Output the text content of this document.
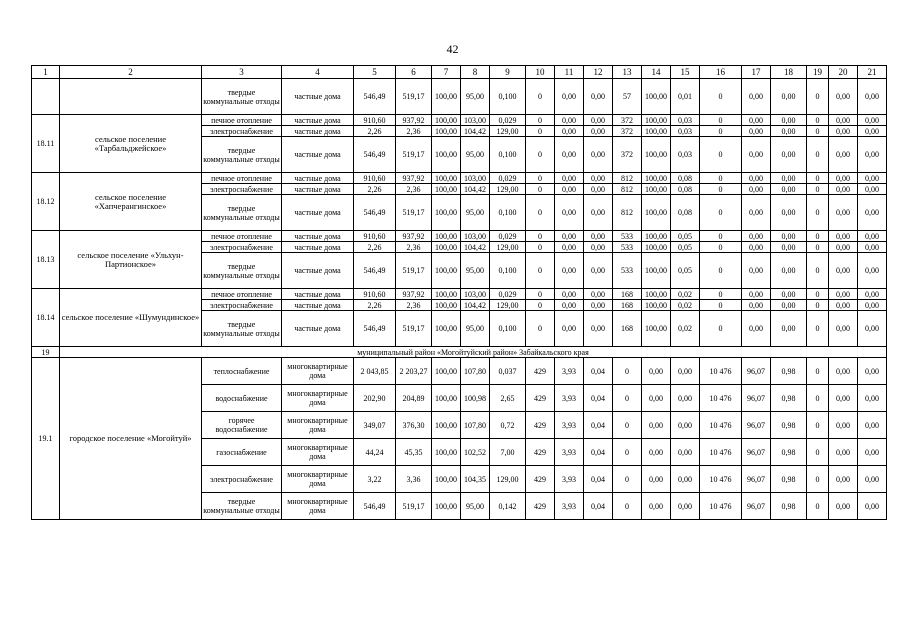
42
1	2	3	4	5	6	7	8	9	10	11	12	13	14	15	16	17	18	19	20	21
		твердые коммунальные отходы	частные дома	546,49	519,17	100,00	95,00	0,100	0	0,00	0,00	57	100,00	0,01	0	0,00	0,00	0	0,00	0,00
18.11	сельское поселение «Тарбальджейское»	печное отопление	частные дома	910,60	937,92	100,00	103,00	0,029	0	0,00	0,00	372	100,00	0,03	0	0,00	0,00	0	0,00	0,00
		электроснабжение	частные дома	2,26	2,36	100,00	104,42	129,00	0	0,00	0,00	372	100,00	0,03	0	0,00	0,00	0	0,00	0,00
		твердые коммунальные отходы	частные дома	546,49	519,17	100,00	95,00	0,100	0	0,00	0,00	372	100,00	0,03	0	0,00	0,00	0	0,00	0,00
18.12	сельское поселение «Хапчерангинское»	печное отопление	частные дома	910,60	937,92	100,00	103,00	0,029	0	0,00	0,00	812	100,00	0,08	0	0,00	0,00	0	0,00	0,00
		электроснабжение	частные дома	2,26	2,36	100,00	104,42	129,00	0	0,00	0,00	812	100,00	0,08	0	0,00	0,00	0	0,00	0,00
		твердые коммунальные отходы	частные дома	546,49	519,17	100,00	95,00	0,100	0	0,00	0,00	812	100,00	0,08	0	0,00	0,00	0	0,00	0,00
18.13	сельское поселение «Ульхун-Партионское»	печное отопление	частные дома	910,60	937,92	100,00	103,00	0,029	0	0,00	0,00	533	100,00	0,05	0	0,00	0,00	0	0,00	0,00
		электроснабжение	частные дома	2,26	2,36	100,00	104,42	129,00	0	0,00	0,00	533	100,00	0,05	0	0,00	0,00	0	0,00	0,00
		твердые коммунальные отходы	частные дома	546,49	519,17	100,00	95,00	0,100	0	0,00	0,00	533	100,00	0,05	0	0,00	0,00	0	0,00	0,00
18.14	сельское поселение «Шумундинское»	печное отопление	частные дома	910,60	937,92	100,00	103,00	0,029	0	0,00	0,00	168	100,00	0,02	0	0,00	0,00	0	0,00	0,00
		электроснабжение	частные дома	2,26	2,36	100,00	104,42	129,00	0	0,00	0,00	168	100,00	0,02	0	0,00	0,00	0	0,00	0,00
		твердые коммунальные отходы	частные дома	546,49	519,17	100,00	95,00	0,100	0	0,00	0,00	168	100,00	0,02	0	0,00	0,00	0	0,00	0,00
19	муниципальный район «Могойтуйский район» Забайкальского края																			
19.1	городское поселение «Могойтуй»	теплоснабжение	многоквартирные дома	2 043,85	2 203,27	100,00	107,80	0,037	429	3,93	0,04	0	0,00	0,00	10 476	96,07	0,98	0	0,00	0,00
		водоснабжение	многоквартирные дома	202,90	204,89	100,00	100,98	2,65	429	3,93	0,04	0	0,00	0,00	10 476	96,07	0,98	0	0,00	0,00
		горячее водоснабжение	многоквартирные дома	349,07	376,30	100,00	107,80	0,72	429	3,93	0,04	0	0,00	0,00	10 476	96,07	0,98	0	0,00	0,00
		газоснабжение	многоквартирные дома	44,24	45,35	100,00	102,52	7,00	429	3,93	0,04	0	0,00	0,00	10 476	96,07	0,98	0	0,00	0,00
		электроснабжение	многоквартирные дома	3,22	3,36	100,00	104,35	129,00	429	3,93	0,04	0	0,00	0,00	10 476	96,07	0,98	0	0,00	0,00
		твердые коммунальные отходы	многоквартирные дома	546,49	519,17	100,00	95,00	0,142	429	3,93	0,04	0	0,00	0,00	10 476	96,07	0,98	0	0,00	0,00
